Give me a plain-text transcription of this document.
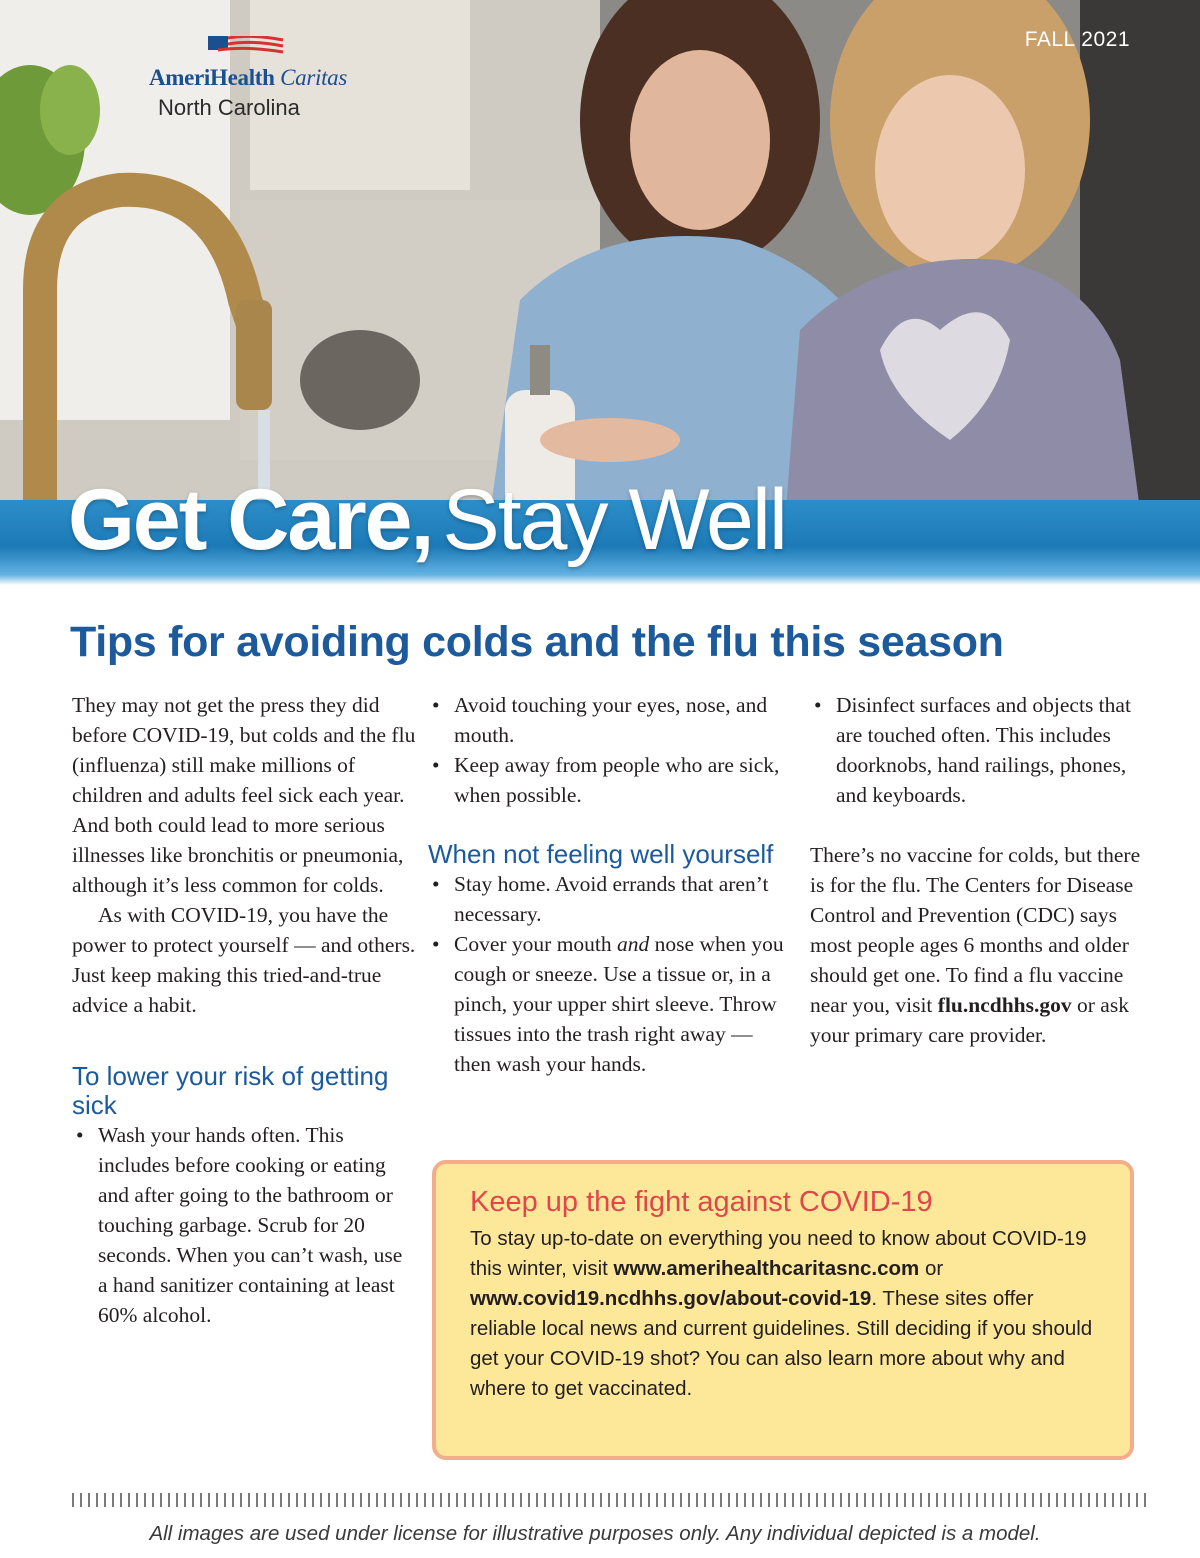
AmeriHealth Caritas
North Carolina
FALL 2021
Get Care, Stay Well
Tips for avoiding colds and the flu this season

They may not get the press they did before COVID-19, but colds and the flu (influenza) still make millions of children and adults feel sick each year. And both could lead to more serious illnesses like bronchitis or pneumonia, although it’s less common for colds.

As with COVID-19, you have the power to protect yourself — and others. Just keep making this tried-and-true advice a habit.

To lower your risk of getting sick
• Wash your hands often. This includes before cooking or eating and after going to the bathroom or touching garbage. Scrub for 20 seconds. When you can’t wash, use a hand sanitizer containing at least 60% alcohol.
• Avoid touching your eyes, nose, and mouth.
• Keep away from people who are sick, when possible.
When not feeling well yourself
• Stay home. Avoid errands that aren’t necessary.
• Cover your mouth and nose when you cough or sneeze. Use a tissue or, in a pinch, your upper shirt sleeve. Throw tissues into the trash right away — then wash your hands.
• Disinfect surfaces and objects that are touched often. This includes doorknobs, hand railings, phones, and keyboards.

There’s no vaccine for colds, but there is for the flu. The Centers for Disease Control and Prevention (CDC) says most people ages 6 months and older should get one. To find a flu vaccine near you, visit flu.ncdhhs.gov or ask your primary care provider.

Keep up the fight against COVID-19

To stay up-to-date on everything you need to know about COVID-19 this winter, visit www.amerihealthcaritasnc.com or www.covid19.ncdhhs.gov/about-covid-19. These sites offer reliable local news and current guidelines. Still deciding if you should get your COVID-19 shot? You can also learn more about why and where to get vaccinated.

All images are used under license for illustrative purposes only. Any individual depicted is a model.
